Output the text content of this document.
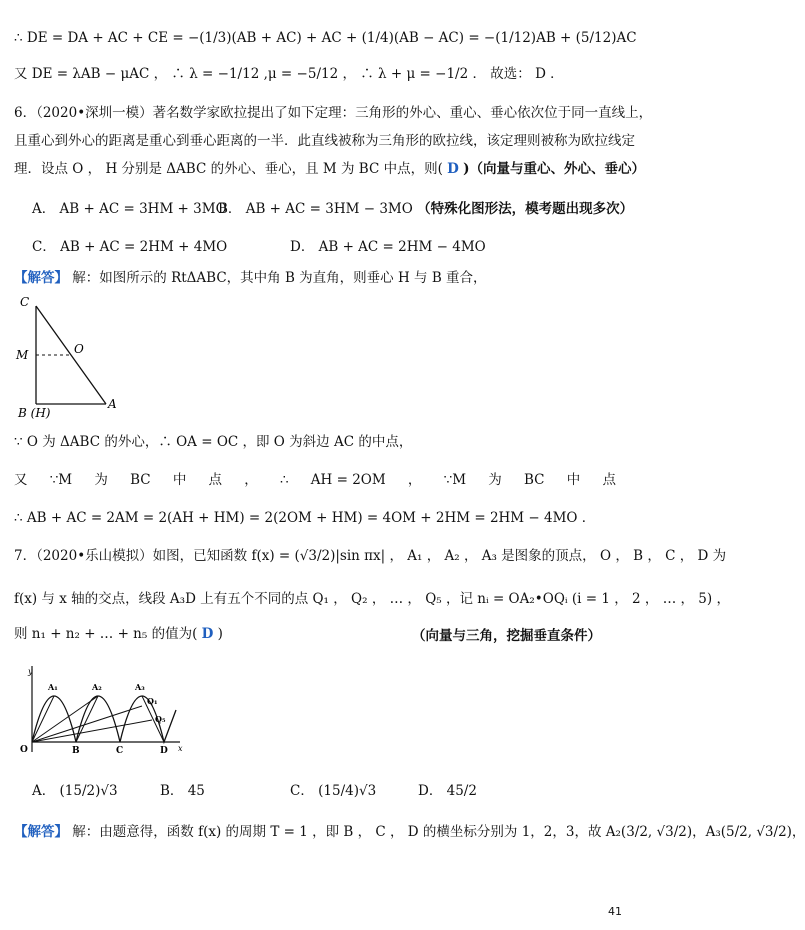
∴ DE = DA + AC + CE = −(1/3)(AB + AC) + AC + (1/4)(AB − AC) = −(1/12)AB + (5/12)AC
又 DE = λAB − μAC ， ∴ λ = −1/12 ,μ = −5/12 ， ∴ λ + μ = −1/2 ． 故选： D ．
6．（2020•深圳一模）著名数学家欧拉提出了如下定理：三角形的外心、重心、垂心依次位于同一直线上，
且重心到外心的距离是重心到垂心距离的一半．此直线被称为三角形的欧拉线，该定理则被称为欧拉线定
理．设点 O ， H 分别是 ΔABC 的外心、垂心，且 M 为 BC 中点，则( D )（向量与重心、外心、垂心）
A． AB + AC = 3HM + 3MO
B． AB + AC = 3HM − 3MO （特殊化图形法，模考题出现多次）
C． AB + AC = 2HM + 4MO	D． AB + AC = 2HM − 4MO
【解答】 解：如图所示的 RtΔABC，其中角 B 为直角，则垂心 H 与 B 重合，
C
M	O
B (H)
A
∵ O 为 ΔABC 的外心，∴ OA = OC ，即 O 为斜边 AC 的中点，
又 ∵M 为 BC 中 点 ， ∴ AH = 2OM ， ∵M 为 BC 中 点
∴ AB + AC = 2AM = 2(AH + HM) = 2(2OM + HM) = 4OM + 2HM = 2HM − 4MO ．
7．（2020•乐山模拟）如图，已知函数 f(x) = (√3/2)|sin πx| ， A₁ ， A₂ ， A₃ 是图象的顶点， O ， B ， C ， D 为
f(x) 与 x 轴的交点，线段 A₃D 上有五个不同的点 Q₁ ， Q₂ ， … ， Q₅ ，记 nᵢ = OA₂•OQᵢ (i = 1 ， 2 ， … ， 5) ，
则 n₁ + n₂ + … + n₅ 的值为( D )	（向量与三角，挖掘垂直条件）
y
x
O	B	C	D
A₁	A₂	A₃
Q₁
Q₅
A． (15/2)√3	B． 45	C． (15/4)√3	D． 45/2
【解答】 解：由题意得，函数 f(x) 的周期 T = 1 ，即 B ， C ， D 的横坐标分别为 1，2，3，故 A₂(3/2, √3/2)，A₃(5/2, √3/2)，
41
